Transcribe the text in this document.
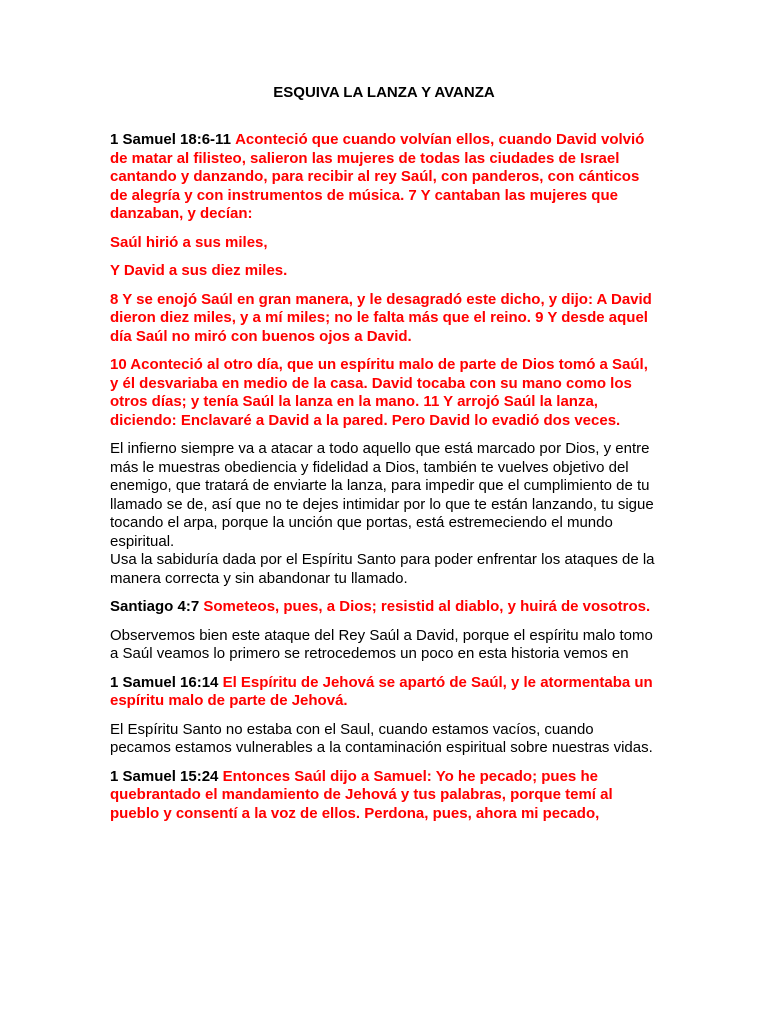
ESQUIVA LA LANZA Y AVANZA

1 Samuel 18:6-11 Aconteció que cuando volvían ellos, cuando David volvió de matar al filisteo, salieron las mujeres de todas las ciudades de Israel cantando y danzando, para recibir al rey Saúl, con panderos, con cánticos de alegría y con instrumentos de música. 7 Y cantaban las mujeres que danzaban, y decían:

Saúl hirió a sus miles,

Y David a sus diez miles.

8 Y se enojó Saúl en gran manera, y le desagradó este dicho, y dijo: A David dieron diez miles, y a mí miles; no le falta más que el reino. 9 Y desde aquel día Saúl no miró con buenos ojos a David.

10 Aconteció al otro día, que un espíritu malo de parte de Dios tomó a Saúl, y él desvariaba en medio de la casa. David tocaba con su mano como los otros días; y tenía Saúl la lanza en la mano. 11 Y arrojó Saúl la lanza, diciendo: Enclavaré a David a la pared. Pero David lo evadió dos veces.

El infierno siempre va a atacar a todo aquello que está marcado por Dios, y entre más le muestras obediencia y fidelidad a Dios, también te vuelves objetivo del enemigo, que tratará de enviarte la lanza, para impedir que el cumplimiento de tu llamado se de, así que no te dejes intimidar por lo que te están lanzando, tu sigue tocando el arpa, porque la unción que portas, está estremeciendo el mundo espiritual.
Usa la sabiduría dada por el Espíritu Santo para poder enfrentar los ataques de la manera correcta y sin abandonar tu llamado.

Santiago 4:7 Someteos, pues, a Dios; resistid al diablo, y huirá de vosotros.

Observemos bien este ataque del Rey Saúl a David, porque el espíritu malo tomo a Saúl veamos lo primero se retrocedemos un poco en esta historia vemos en

1 Samuel 16:14 El Espíritu de Jehová se apartó de Saúl, y le atormentaba un espíritu malo de parte de Jehová.

El Espíritu Santo no estaba con el Saul, cuando estamos vacíos, cuando pecamos estamos vulnerables a la contaminación espiritual sobre nuestras vidas.

1 Samuel 15:24 Entonces Saúl dijo a Samuel: Yo he pecado; pues he quebrantado el mandamiento de Jehová y tus palabras, porque temí al pueblo y consentí a la voz de ellos. Perdona, pues, ahora mi pecado,
